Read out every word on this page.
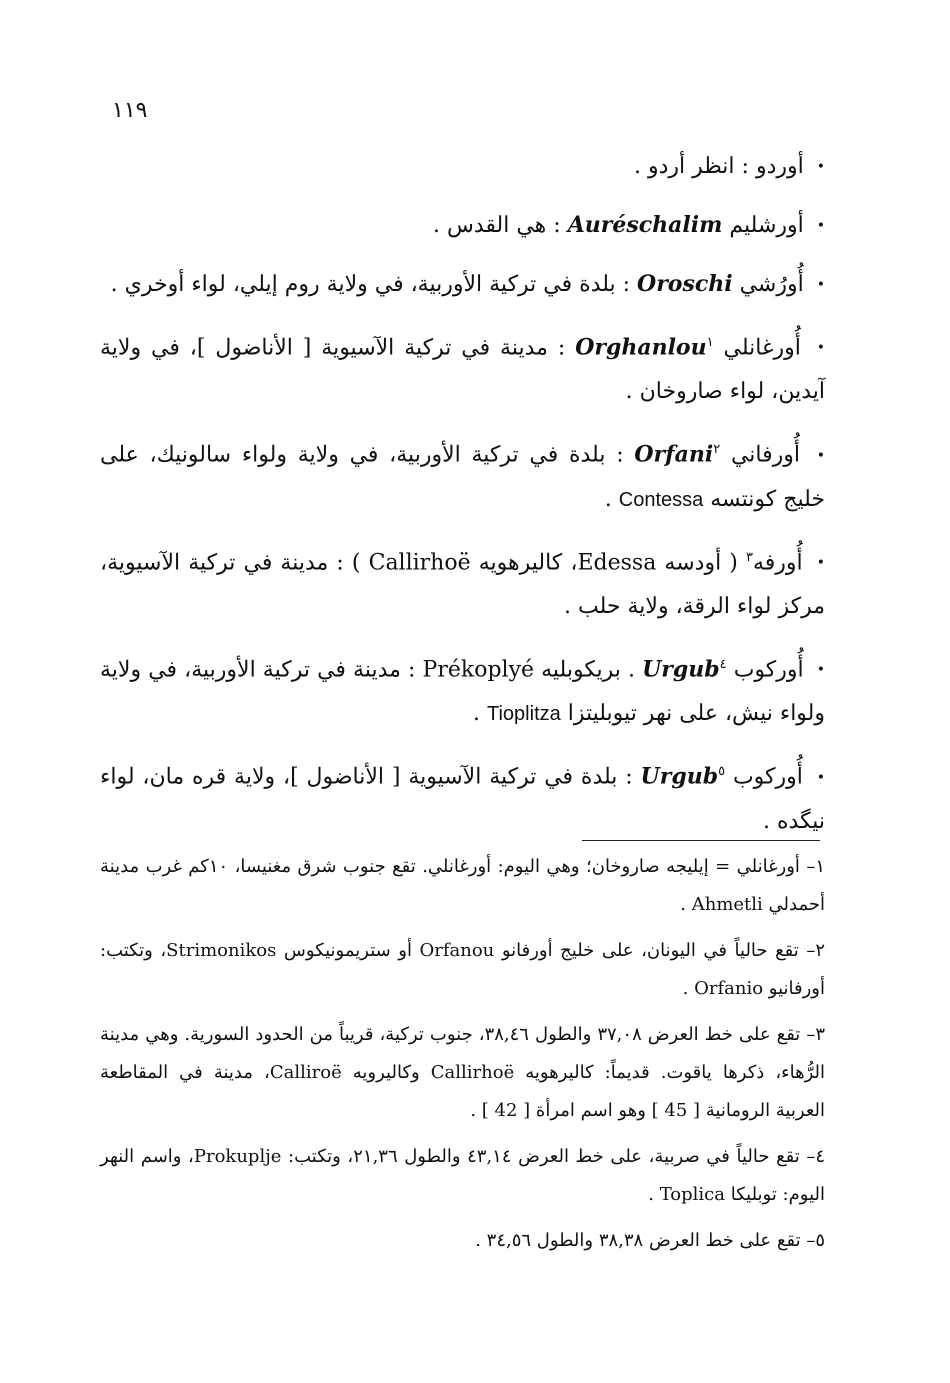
١١٩
• أوردو : انظر أردو .
• أورشليم Auréschalim : هي القدس .
• أُورُشي Oroschi : بلدة في تركية الأوربية، في ولاية روم إيلي، لواء أوخري .
• أُورغانلي Orghanlou$^١$ : مدينة في تركية الآسيوية [ الأناضول ]، في ولاية آيدين، لواء صاروخان .
• أُورفاني Orfani$^٢$ : بلدة في تركية الأوربية، في ولاية ولواء سالونيك، على خليج كونتسه Contessa .
• أُورفه$^٣$ ( أودسه Edessa، كاليرهويه Callirhoë ) : مدينة في تركية الآسيوية، مركز لواء الرقة، ولاية حلب .
• أُوركوب Urgub$^٤$ . بريكوبليه Prékoplyé : مدينة في تركية الأوربية، في ولاية ولواء نيش، على نهر تيوبليتزا Tioplitza .
• أُوركوب Urgub$^٥$ : بلدة في تركية الآسيوية [ الأناضول ]، ولاية قره مان، لواء نيگده .
١– أورغانلي = إيليجه صاروخان؛ وهي اليوم: أورغانلي. تقع جنوب شرق مغنيسا، ١٠كم غرب مدينة أحمدلي Ahmetli .
٢– تقع حالياً في اليونان، على خليج أورفانو Orfanou أو ستريمونيكوس Strimonikos، وتكتب: أورفانيو Orfanio .
٣– تقع على خط العرض ٣٧,٠٨ والطول ٣٨,٤٦، جنوب تركية، قريباً من الحدود السورية. وهي مدينة الرُّهاء، ذكرها ياقوت. قديماً: كاليرهويه Callirhoë وكاليرويه Calliroë، مدينة في المقاطعة العربية الرومانية [ 45 ] وهو اسم امرأة [ 42 ] .
٤– تقع حالياً في صربية، على خط العرض ٤٣,١٤ والطول ٢١,٣٦، وتكتب: Prokuplje، واسم النهر اليوم: توبليكا Toplica .
٥– تقع على خط العرض ٣٨,٣٨ والطول ٣٤,٥٦ .
